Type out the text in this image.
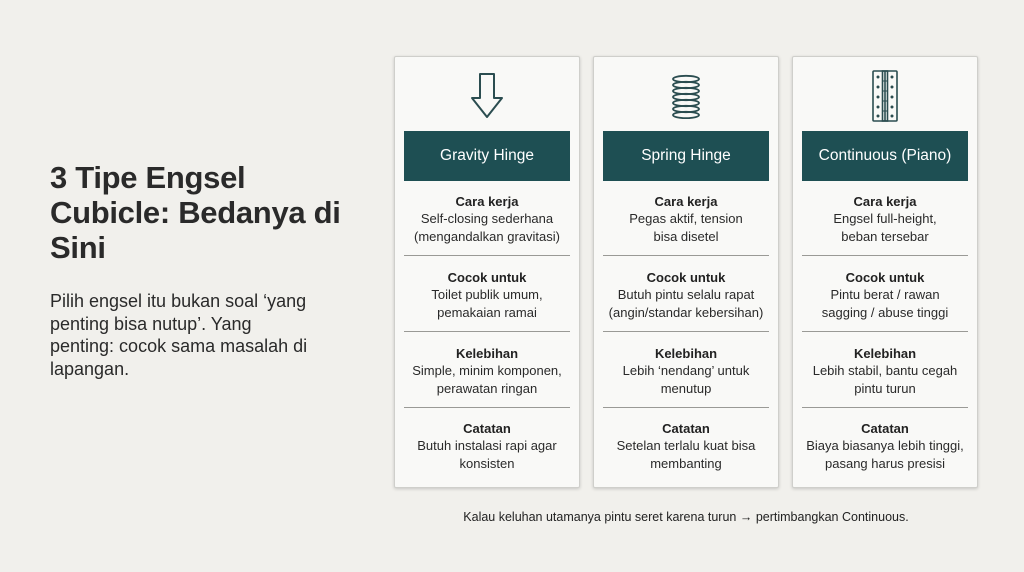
3 Tipe Engsel Cubicle: Bedanya di Sini

Pilih engsel itu bukan soal ‘yang penting bisa nutup’. Yang penting: cocok sama masalah di lapangan.

Gravity Hinge
Cara kerja
Self-closing sederhana
(mengandalkan gravitasi)
Cocok untuk
Toilet publik umum,
pemakaian ramai
Kelebihan
Simple, minim komponen,
perawatan ringan
Catatan
Butuh instalasi rapi agar
konsisten
Spring Hinge
Cara kerja
Pegas aktif, tension
bisa disetel
Cocok untuk
Butuh pintu selalu rapat
(angin/standar kebersihan)
Kelebihan
Lebih ‘nendang’ untuk
menutup
Catatan
Setelan terlalu kuat bisa
membanting
Continuous (Piano)
Cara kerja
Engsel full-height,
beban tersebar
Cocok untuk
Pintu berat / rawan
sagging / abuse tinggi
Kelebihan
Lebih stabil, bantu cegah
pintu turun
Catatan
Biaya biasanya lebih tinggi,
pasang harus presisi
Kalau keluhan utamanya pintu seret karena turun → pertimbangkan Continuous.
